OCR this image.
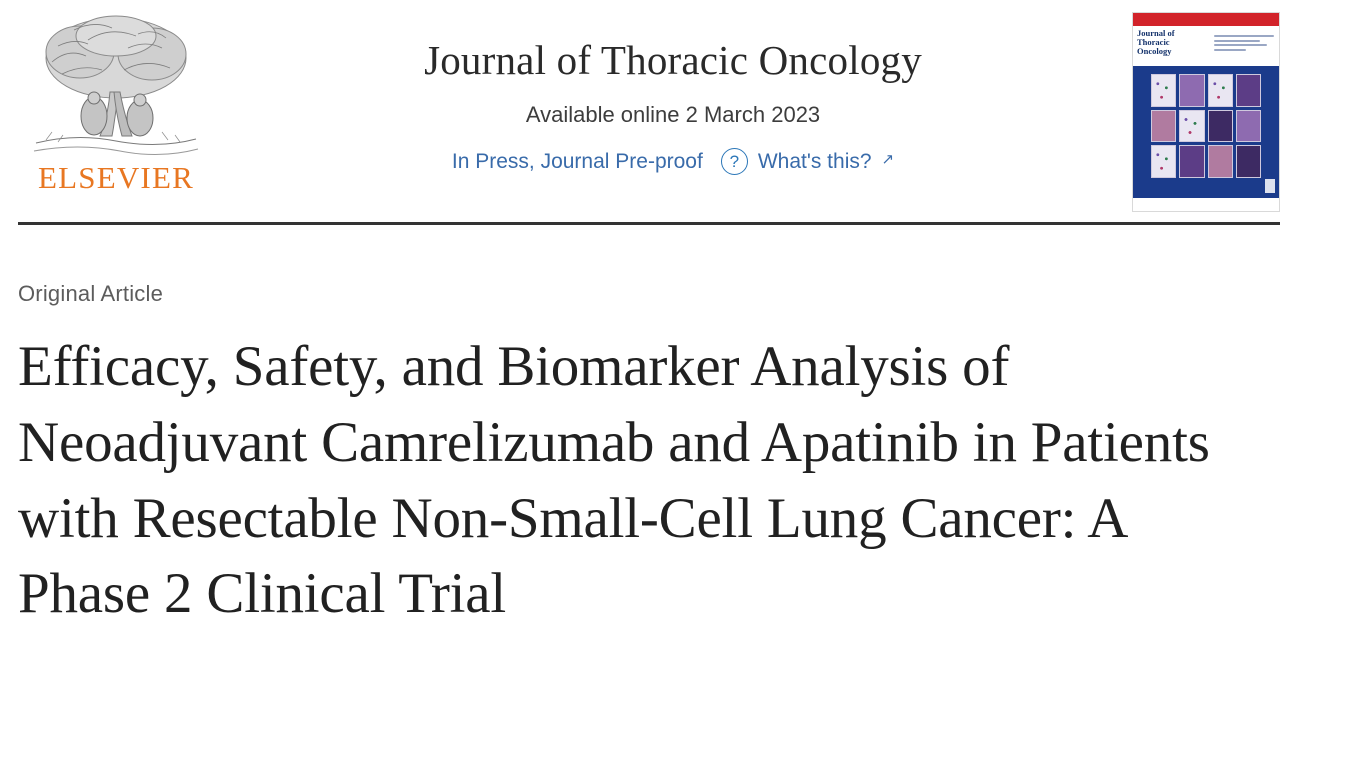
ELSEVIER
Journal of Thoracic Oncology
Available online 2 March 2023
In Press, Journal Pre-proof	? What's this? ↗
Journal of
Thoracic
Oncology
Original Article
Efficacy, Safety, and Biomarker Analysis of Neoadjuvant Camrelizumab and Apatinib in Patients with Resectable Non-Small-Cell Lung Cancer: A Phase 2 Clinical Trial
